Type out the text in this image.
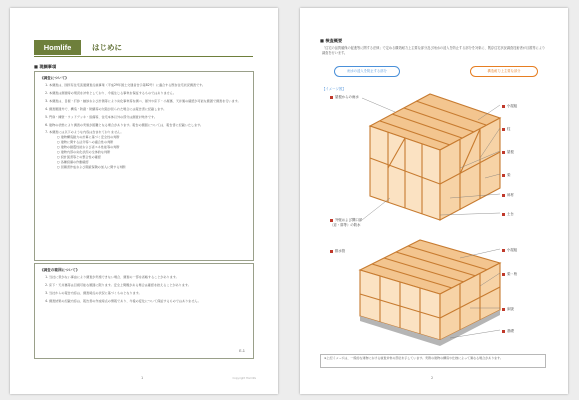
Homlife	はじめに
■ 現調事項
《調査について》
1. 本調査は、国所有住宅流通調査点検事業（平成29年国土交通省告示第82号）に適合する既存住宅状況調査です。
2. 本調査は調査時の現況を対象としており、今後生じる事象を保証するものではありません。
3. 本調査は、目視・打診・触診および計測等により劣化事象等を調べ、屋外や床下・小屋裏、天井裏の確認が可能な範囲で調査を行います。
4. 調査範囲外で、構造・防腐・防蟻等の欠陥が見られた場合には報告書に記載します。
5. 門扉・擁壁・ウッドデッキ・設備等、住宅本体以外の部分は調査対象外です。
6. 建物の状態により調査の実施が困難となる場合があります。報告の範囲については、報告書に記載いたします。
7. 本調査には以下のような内容は含まれておりません。
○ 建物構造耐力の計算に基づく安全性の判断
○ 建物に関する法令等への適合性の判断
○ 建物の耐震性能および省エネ性能等の判断
○ 建物内部の劣化状況の全体的な判断
○ 設計図書等との整合性の確認
○ 各種設備の作動確認
○ 見積書作成および瑕疵保険の加入に関する判断
《調査の範囲について》
1. 当社に責がない事由により調査が実施できない場合、調査の一部を省略することがあります。
2. 床下・天井裏等は目視可能な範囲に限ります。安全上問題がある場合は確認を控えることがあります。
3. 当社からの報告内容は、調査時点の状況に基づくものとなります。
4. 調査結果の記載内容は、報告書の作成時点の情報であり、今後の変化について保証するものではありません。
E-1
1	Copyright Homlife
■ 検査概要
「住宅の品質確保の促進等に関する法律」で定める構造耐力上主要な部分及び雨水の浸入を防止する部分を対象に、既存住宅状況調査技術者が目視等により調査を行います。
雨水の浸入を防止する部分	構造耐力上主要な部分
【イメージ図】
屋根からの雨水
外壁および開口部（窓・扉等）の防水
排水管
小屋組
柱
屋根
梁
斜材
土台
小屋組
梁・桁
床版
基礎
※上記イメージは、一般的な建物における検査対象の部位を示しています。実際の建物の構造や仕様によって異なる場合があります。
2
